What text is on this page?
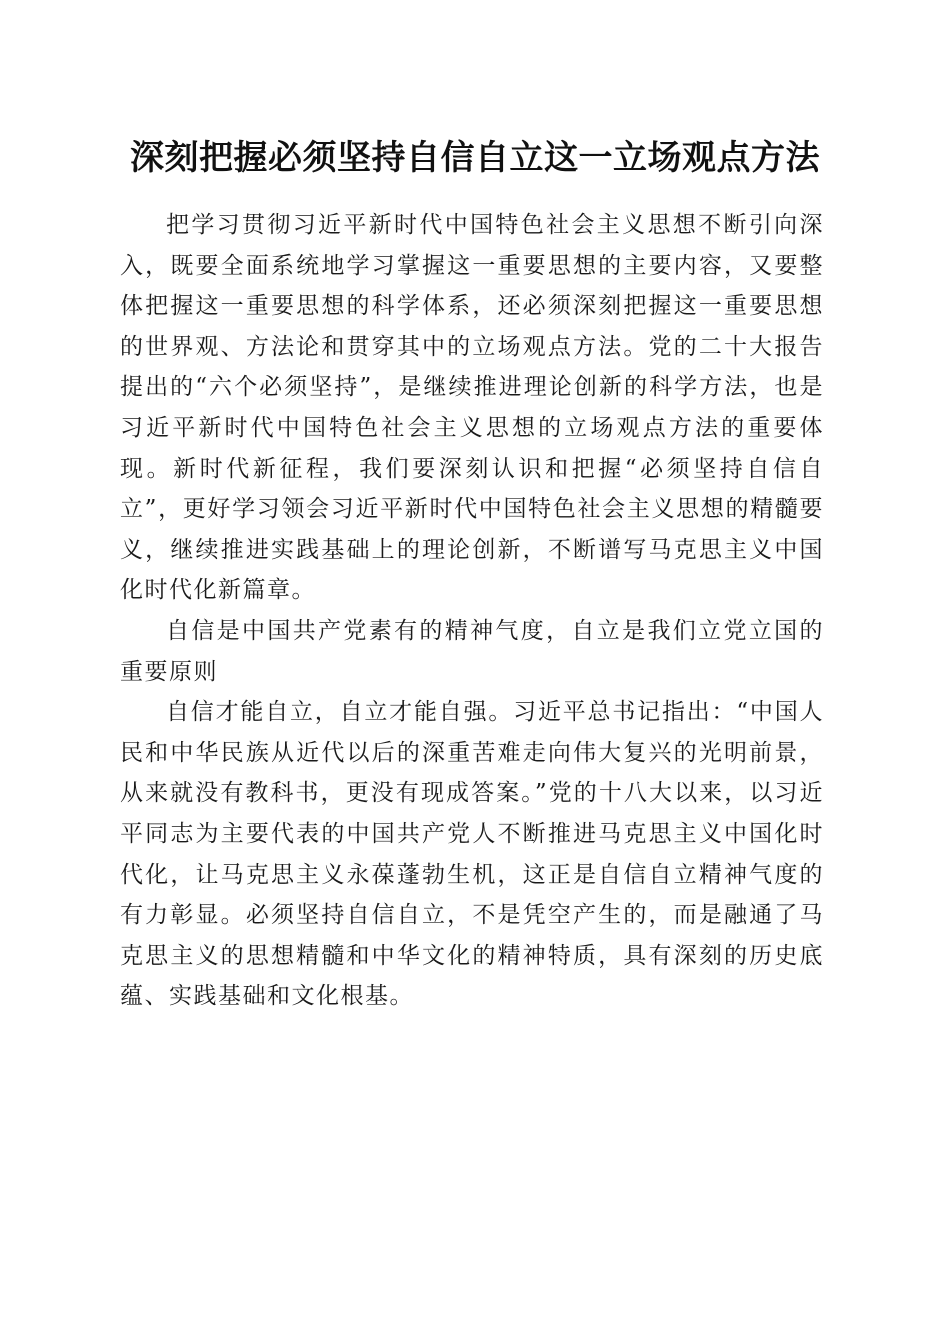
深刻把握必须坚持自信自立这一立场观点方法

把学习贯彻习近平新时代中国特色社会主义思想不断引向深入，既要全面系统地学习掌握这一重要思想的主要内容，又要整体把握这一重要思想的科学体系，还必须深刻把握这一重要思想的世界观、方法论和贯穿其中的立场观点方法。党的二十大报告提出的“六个必须坚持”，是继续推进理论创新的科学方法，也是习近平新时代中国特色社会主义思想的立场观点方法的重要体现。新时代新征程，我们要深刻认识和把握“必须坚持自信自立”，更好学习领会习近平新时代中国特色社会主义思想的精髓要义，继续推进实践基础上的理论创新，不断谱写马克思主义中国化时代化新篇章。

自信是中国共产党素有的精神气度，自立是我们立党立国的重要原则

自信才能自立，自立才能自强。习近平总书记指出：“中国人民和中华民族从近代以后的深重苦难走向伟大复兴的光明前景，从来就没有教科书，更没有现成答案。”党的十八大以来，以习近平同志为主要代表的中国共产党人不断推进马克思主义中国化时代化，让马克思主义永葆蓬勃生机，这正是自信自立精神气度的有力彰显。必须坚持自信自立，不是凭空产生的，而是融通了马克思主义的思想精髓和中华文化的精神特质，具有深刻的历史底蕴、实践基础和文化根基。
